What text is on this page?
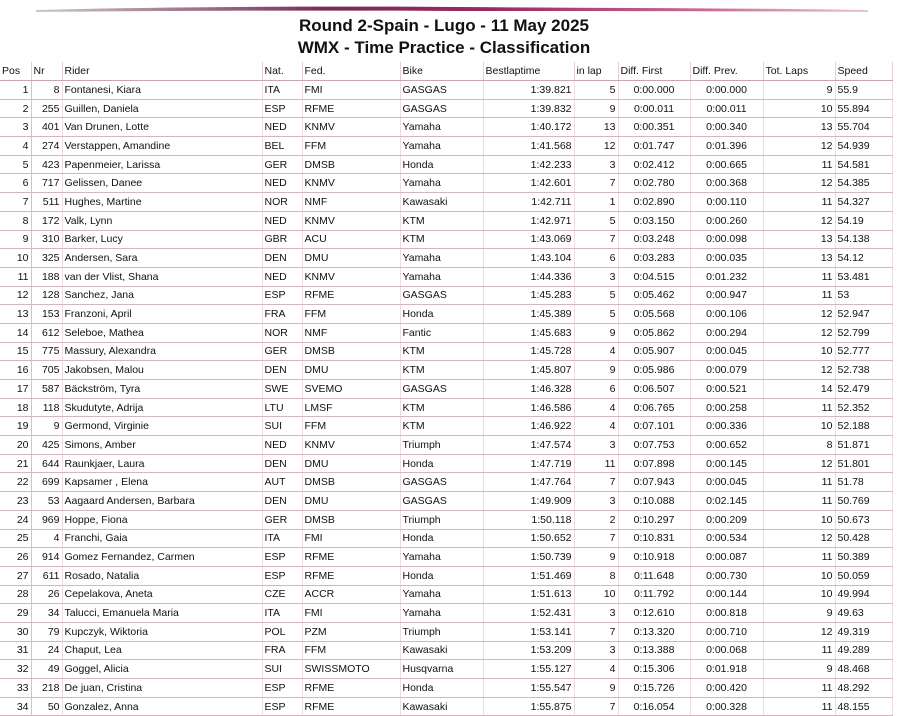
Round 2-Spain - Lugo - 11 May 2025
WMX - Time Practice - Classification
Pos	Nr	Rider	Nat.	Fed.	Bike	Bestlaptime	in lap	Diff. First	Diff. Prev.	Tot. Laps	Speed
1	8	Fontanesi, Kiara	ITA	FMI	GASGAS	1:39.821	5	0:00.000	0:00.000	9	55.9
2	255	Guillen, Daniela	ESP	RFME	GASGAS	1:39.832	9	0:00.011	0:00.011	10	55.894
3	401	Van Drunen, Lotte	NED	KNMV	Yamaha	1:40.172	13	0:00.351	0:00.340	13	55.704
4	274	Verstappen, Amandine	BEL	FFM	Yamaha	1:41.568	12	0:01.747	0:01.396	12	54.939
5	423	Papenmeier, Larissa	GER	DMSB	Honda	1:42.233	3	0:02.412	0:00.665	11	54.581
6	717	Gelissen, Danee	NED	KNMV	Yamaha	1:42.601	7	0:02.780	0:00.368	12	54.385
7	511	Hughes, Martine	NOR	NMF	Kawasaki	1:42.711	1	0:02.890	0:00.110	11	54.327
8	172	Valk, Lynn	NED	KNMV	KTM	1:42.971	5	0:03.150	0:00.260	12	54.19
9	310	Barker, Lucy	GBR	ACU	KTM	1:43.069	7	0:03.248	0:00.098	13	54.138
10	325	Andersen, Sara	DEN	DMU	Yamaha	1:43.104	6	0:03.283	0:00.035	13	54.12
11	188	van der Vlist, Shana	NED	KNMV	Yamaha	1:44.336	3	0:04.515	0:01.232	11	53.481
12	128	Sanchez, Jana	ESP	RFME	GASGAS	1:45.283	5	0:05.462	0:00.947	11	53
13	153	Franzoni, April	FRA	FFM	Honda	1:45.389	5	0:05.568	0:00.106	12	52.947
14	612	Seleboe, Mathea	NOR	NMF	Fantic	1:45.683	9	0:05.862	0:00.294	12	52.799
15	775	Massury, Alexandra	GER	DMSB	KTM	1:45.728	4	0:05.907	0:00.045	10	52.777
16	705	Jakobsen, Malou	DEN	DMU	KTM	1:45.807	9	0:05.986	0:00.079	12	52.738
17	587	Bäckström, Tyra	SWE	SVEMO	GASGAS	1:46.328	6	0:06.507	0:00.521	14	52.479
18	118	Skudutyte, Adrija	LTU	LMSF	KTM	1:46.586	4	0:06.765	0:00.258	11	52.352
19	9	Germond, Virginie	SUI	FFM	KTM	1:46.922	4	0:07.101	0:00.336	10	52.188
20	425	Simons, Amber	NED	KNMV	Triumph	1:47.574	3	0:07.753	0:00.652	8	51.871
21	644	Raunkjaer, Laura	DEN	DMU	Honda	1:47.719	11	0:07.898	0:00.145	12	51.801
22	699	Kapsamer , Elena	AUT	DMSB	GASGAS	1:47.764	7	0:07.943	0:00.045	11	51.78
23	53	Aagaard Andersen, Barbara	DEN	DMU	GASGAS	1:49.909	3	0:10.088	0:02.145	11	50.769
24	969	Hoppe, Fiona	GER	DMSB	Triumph	1:50.118	2	0:10.297	0:00.209	10	50.673
25	4	Franchi, Gaia	ITA	FMI	Honda	1:50.652	7	0:10.831	0:00.534	12	50.428
26	914	Gomez Fernandez, Carmen	ESP	RFME	Yamaha	1:50.739	9	0:10.918	0:00.087	11	50.389
27	611	Rosado, Natalia	ESP	RFME	Honda	1:51.469	8	0:11.648	0:00.730	10	50.059
28	26	Cepelakova, Aneta	CZE	ACCR	Yamaha	1:51.613	10	0:11.792	0:00.144	10	49.994
29	34	Talucci, Emanuela Maria	ITA	FMI	Yamaha	1:52.431	3	0:12.610	0:00.818	9	49.63
30	79	Kupczyk, Wiktoria	POL	PZM	Triumph	1:53.141	7	0:13.320	0:00.710	12	49.319
31	24	Chaput, Lea	FRA	FFM	Kawasaki	1:53.209	3	0:13.388	0:00.068	11	49.289
32	49	Goggel, Alicia	SUI	SWISSMOTO	Husqvarna	1:55.127	4	0:15.306	0:01.918	9	48.468
33	218	De juan, Cristina	ESP	RFME	Honda	1:55.547	9	0:15.726	0:00.420	11	48.292
34	50	Gonzalez, Anna	ESP	RFME	Kawasaki	1:55.875	7	0:16.054	0:00.328	11	48.155
